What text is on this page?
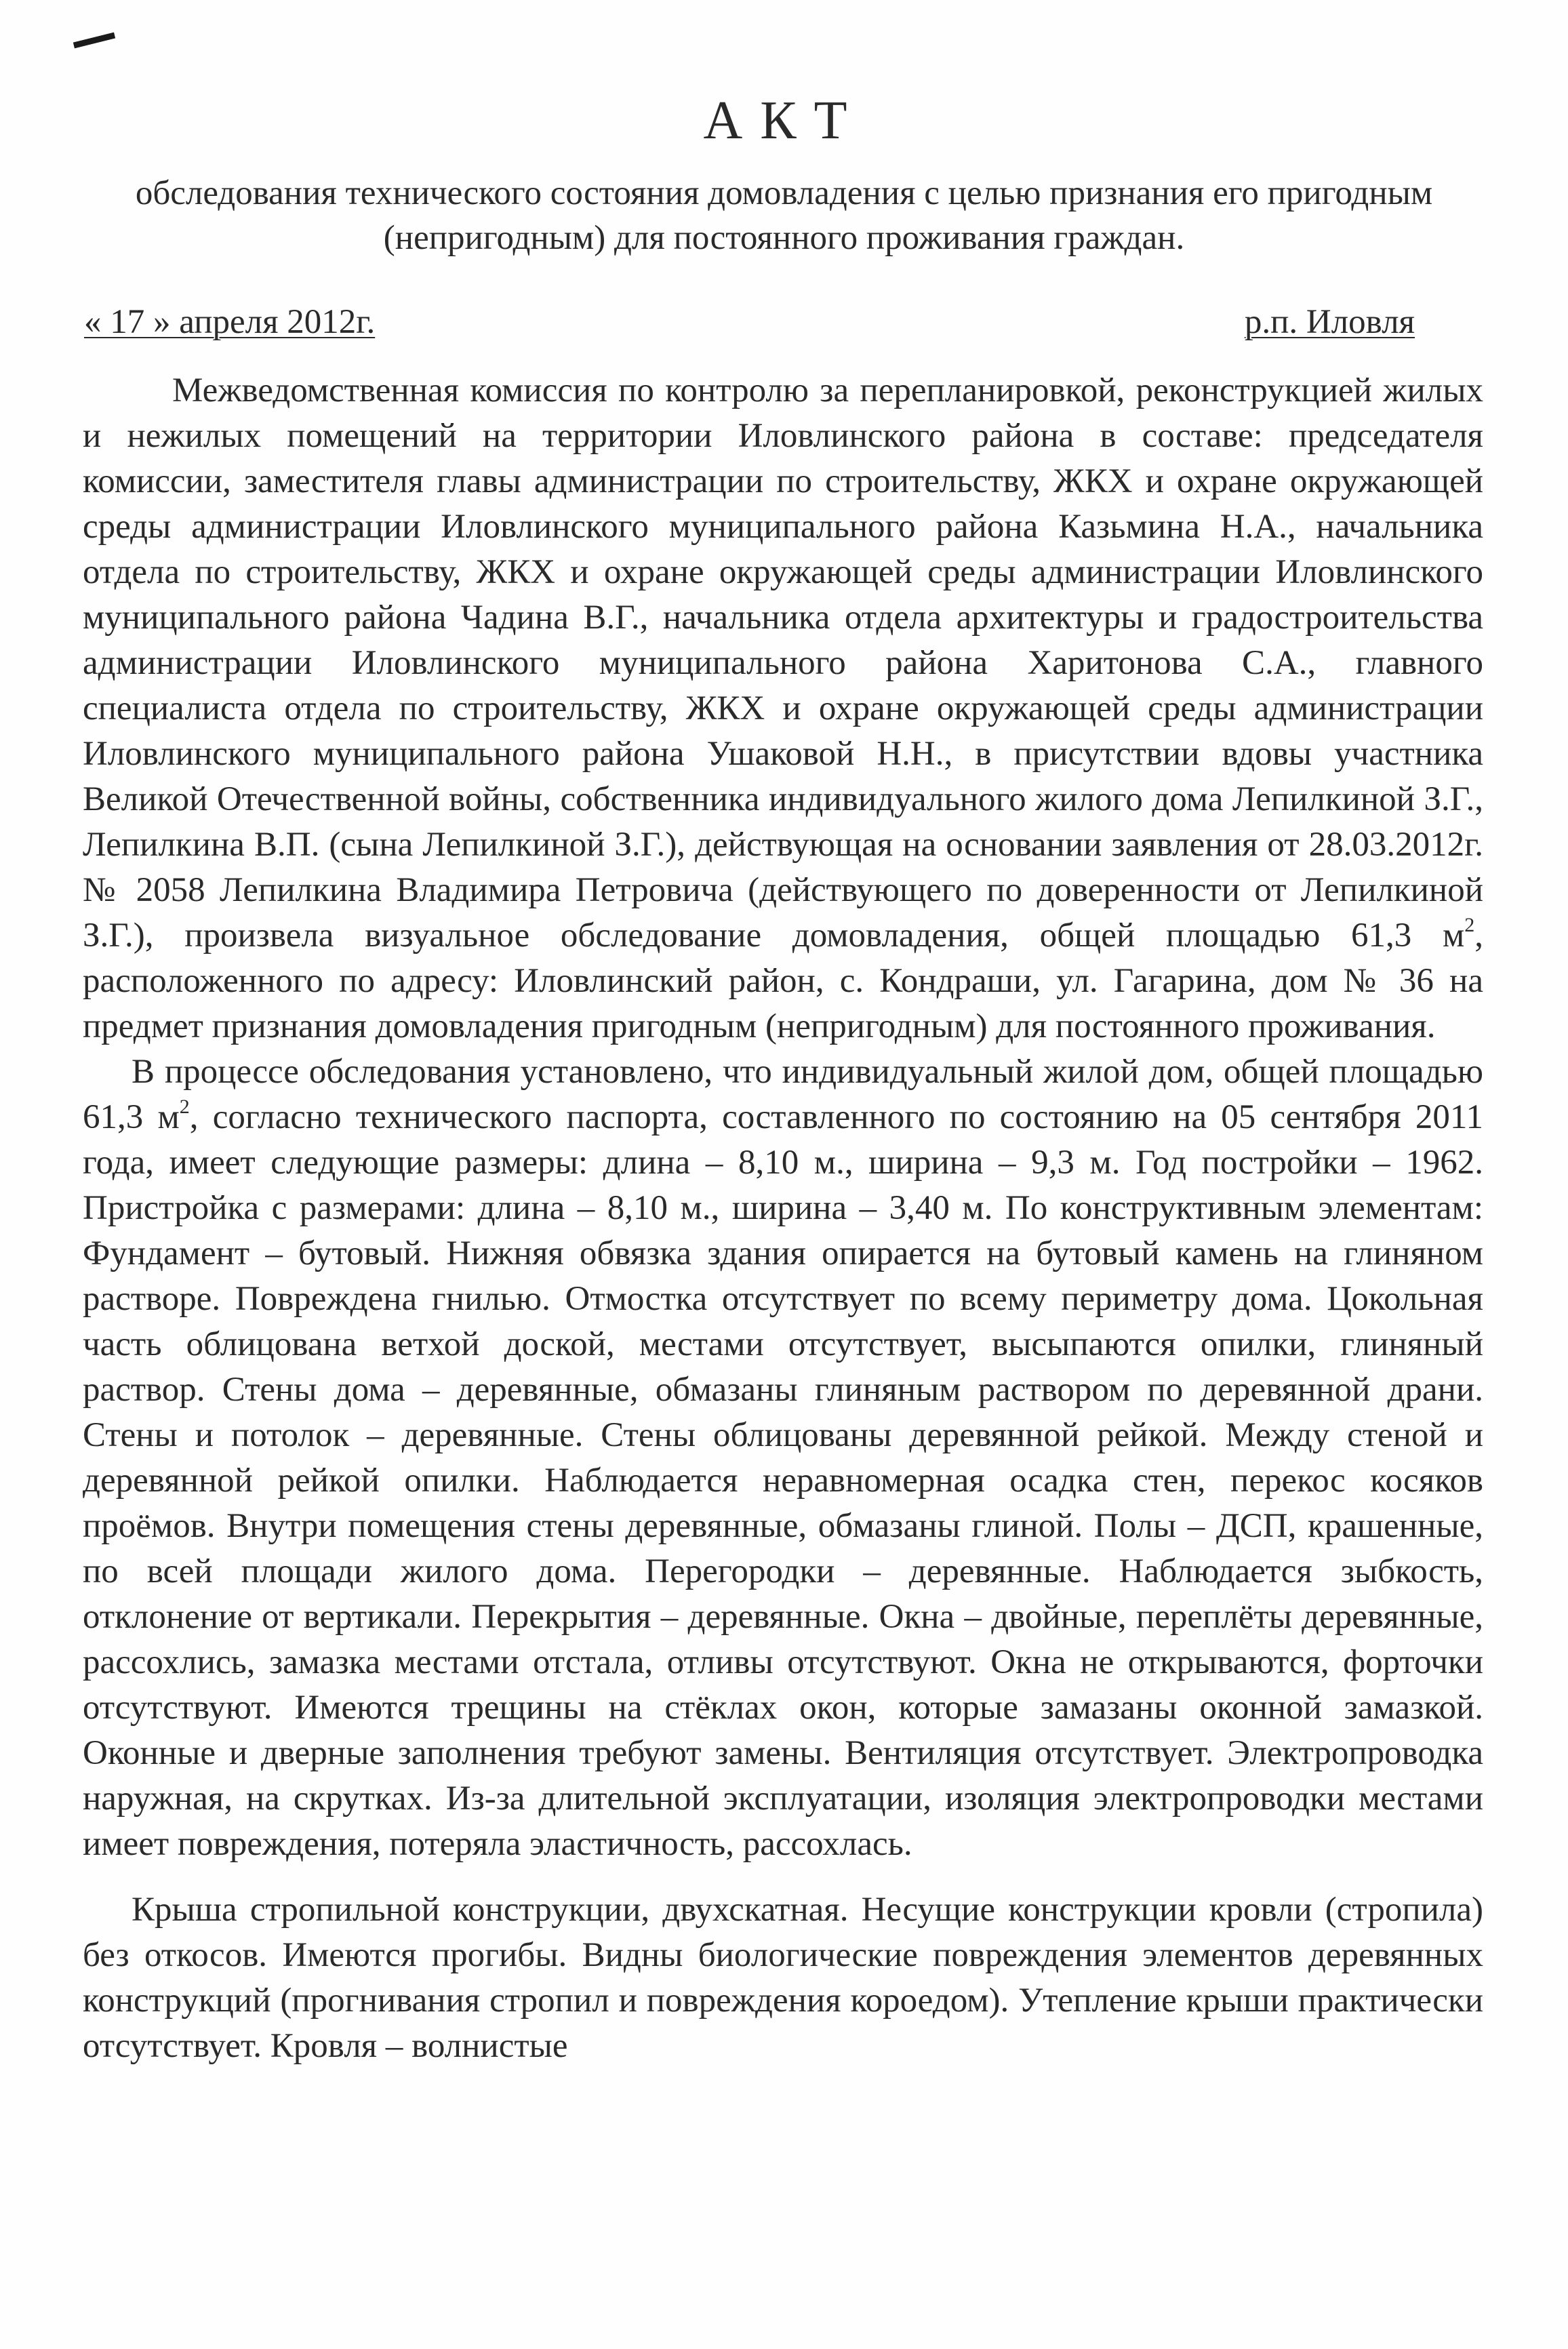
АКТ
обследования технического состояния домовладения с целью признания его пригодным (непригодным) для постоянного проживания граждан.
« 17 » апреля 2012г.	р.п. Иловля

Межведомственная комиссия по контролю за перепланировкой, реконструкцией жилых и нежилых помещений на территории Иловлинского района в составе: председателя комиссии, заместителя главы администрации по строительству, ЖКХ и охране окружающей среды администрации Иловлинского муниципального района Казьмина Н.А., начальника отдела по строительству, ЖКХ и охране окружающей среды администрации Иловлинского муниципального района Чадина В.Г., начальника отдела архитектуры и градостроительства администрации Иловлинского муниципального района Харитонова С.А., главного специалиста отдела по строительству, ЖКХ и охране окружающей среды администрации Иловлинского муниципального района Ушаковой Н.Н., в присутствии вдовы участника Великой Отечественной войны, собственника индивидуального жилого дома Лепилкиной З.Г., Лепилкина В.П. (сына Лепилкиной З.Г.), действующая на основании заявления от 28.03.2012г. № 2058 Лепилкина Владимира Петровича (действующего по доверенности от Лепилкиной З.Г.), произвела визуальное обследование домовладения, общей площадью 61,3 $м^2$, расположенного по адресу: Иловлинский район, с. Кондраши, ул. Гагарина, дом № 36 на предмет признания домовладения пригодным (непригодным) для постоянного проживания.

В процессе обследования установлено, что индивидуальный жилой дом, общей площадью 61,3 $м^2$, согласно технического паспорта, составленного по состоянию на 05 сентября 2011 года, имеет следующие размеры: длина – 8,10 м., ширина – 9,3 м. Год постройки – 1962. Пристройка с размерами: длина – 8,10 м., ширина – 3,40 м. По конструктивным элементам: Фундамент – бутовый. Нижняя обвязка здания опирается на бутовый камень на глиняном растворе. Повреждена гнилью. Отмостка отсутствует по всему периметру дома. Цокольная часть облицована ветхой доской, местами отсутствует, высыпаются опилки, глиняный раствор. Стены дома – деревянные, обмазаны глиняным раствором по деревянной драни. Стены и потолок – деревянные. Стены облицованы деревянной рейкой. Между стеной и деревянной рейкой опилки. Наблюдается неравномерная осадка стен, перекос косяков проёмов. Внутри помещения стены деревянные, обмазаны глиной. Полы – ДСП, крашенные, по всей площади жилого дома. Перегородки – деревянные. Наблюдается зыбкость, отклонение от вертикали. Перекрытия – деревянные. Окна – двойные, переплёты деревянные, рассохлись, замазка местами отстала, отливы отсутствуют. Окна не открываются, форточки отсутствуют. Имеются трещины на стёклах окон, которые замазаны оконной замазкой. Оконные и дверные заполнения требуют замены. Вентиляция отсутствует. Электропроводка наружная, на скрутках. Из-за длительной эксплуатации, изоляция электропроводки местами имеет повреждения, потеряла эластичность, рассохлась.

Крыша стропильной конструкции, двухскатная. Несущие конструкции кровли (стропила) без откосов. Имеются прогибы. Видны биологические повреждения элементов деревянных конструкций (прогнивания стропил и повреждения короедом). Утепление крыши практически отсутствует. Кровля – волнистые
